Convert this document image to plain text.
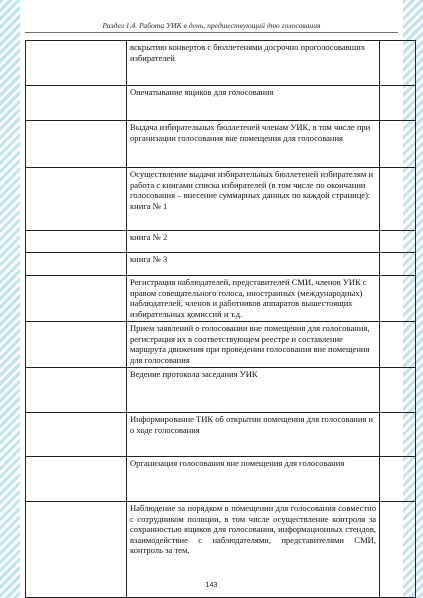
Раздел 1.4. Работа УИК в день, предшествующий дню голосования

	вскрытию конвертов с бюллетенями досрочно проголосовавших избирателей	

	Опечатывание ящиков для голосования	

	Выдача избирательных бюллетеней членам УИК, в том числе при организации голосования вне помещения для голосования	

	Осуществление выдачи избирательных бюллетеней избирателям и работа с книгами списка избирателей (в том числе по окончании голосования – внесение суммарных данных по каждой странице):
книга № 1	

	книга № 2	

	книга № 3	

	Регистрация наблюдателей, представителей СМИ, членов УИК с правом совещательного голоса, иностранных (международных) наблюдателей, членов и работников аппаратов вышестоящих избирательных комиссий и т.д.	

	Прием заявлений о голосовании вне помещения для голосования, регистрация их в соответствующем реестре и составление маршрута движения при проведении голосования вне помещения для голосования	

	Ведение протокола заседания УИК	

	Информирование ТИК об открытии помещения для голосования и о ходе голосования	

	Организация голосования вне помещения для голосования	

	Наблюдение за порядком в помещении для голосования совместно с сотрудником полиции, в том числе осуществление контроля за сохранностью ящиков для голосования, информационных стендов, взаимодействие с наблюдателями, представителями СМИ, контроль за тем,	

143
